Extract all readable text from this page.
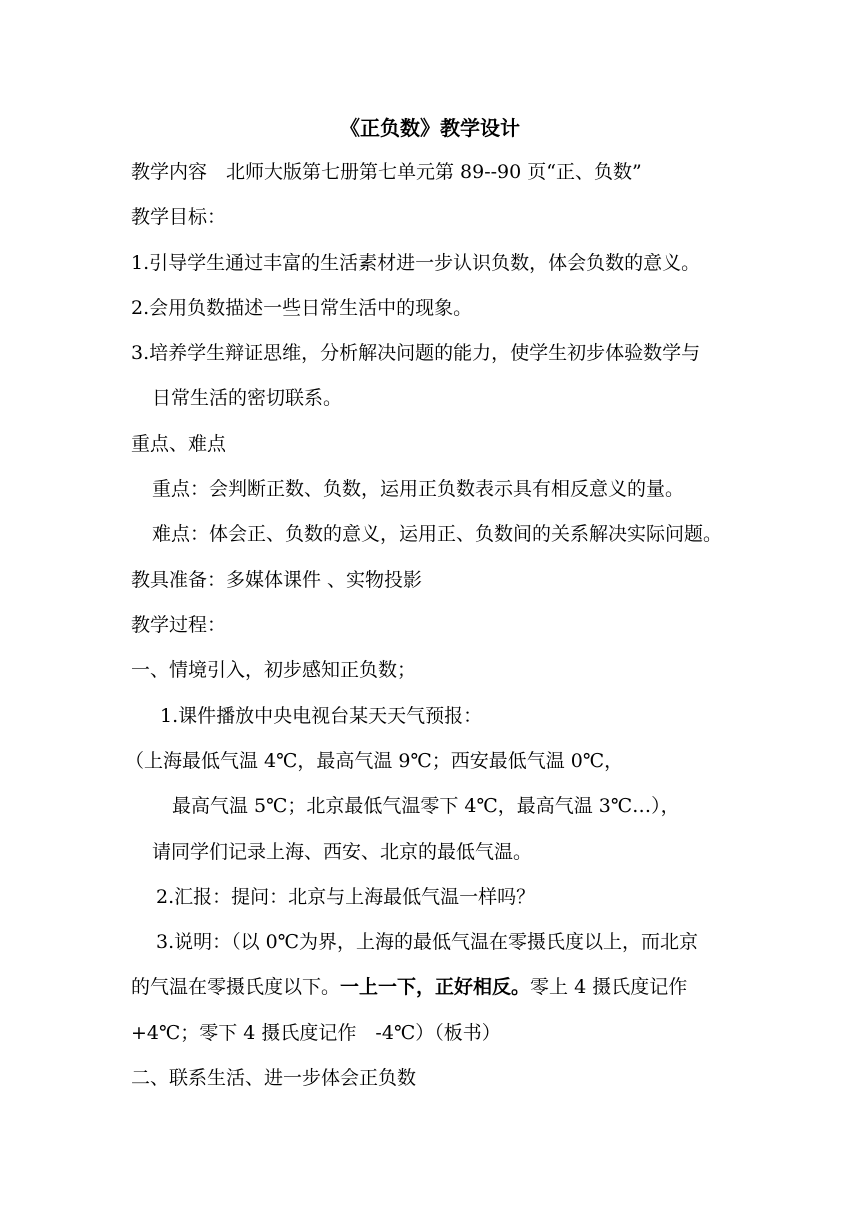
《正负数》教学设计
教学内容　北师大版第七册第七单元第 89--90 页“正、负数”
教学目标：
1.引导学生通过丰富的生活素材进一步认识负数，体会负数的意义。
2.会用负数描述一些日常生活中的现象。
3.培养学生辩证思维，分析解决问题的能力，使学生初步体验数学与
日常生活的密切联系。
重点、难点
重点：会判断正数、负数，运用正负数表示具有相反意义的量。
难点：体会正、负数的意义，运用正、负数间的关系解决实际问题。
教具准备：多媒体课件 、实物投影
教学过程：
一、情境引入，初步感知正负数；
1.课件播放中央电视台某天天气预报：
（上海最低气温 4℃，最高气温 9℃；西安最低气温 0℃，
最高气温 5℃；北京最低气温零下 4℃，最高气温 3℃…），
请同学们记录上海、西安、北京的最低气温。
2.汇报：提问：北京与上海最低气温一样吗？
3.说明：（以 0℃为界，上海的最低气温在零摄氏度以上，而北京
的气温在零摄氏度以下。一上一下，正好相反。零上 4 摄氏度记作
+4℃；零下 4 摄氏度记作　-4℃）（板书）
二、联系生活、进一步体会正负数
